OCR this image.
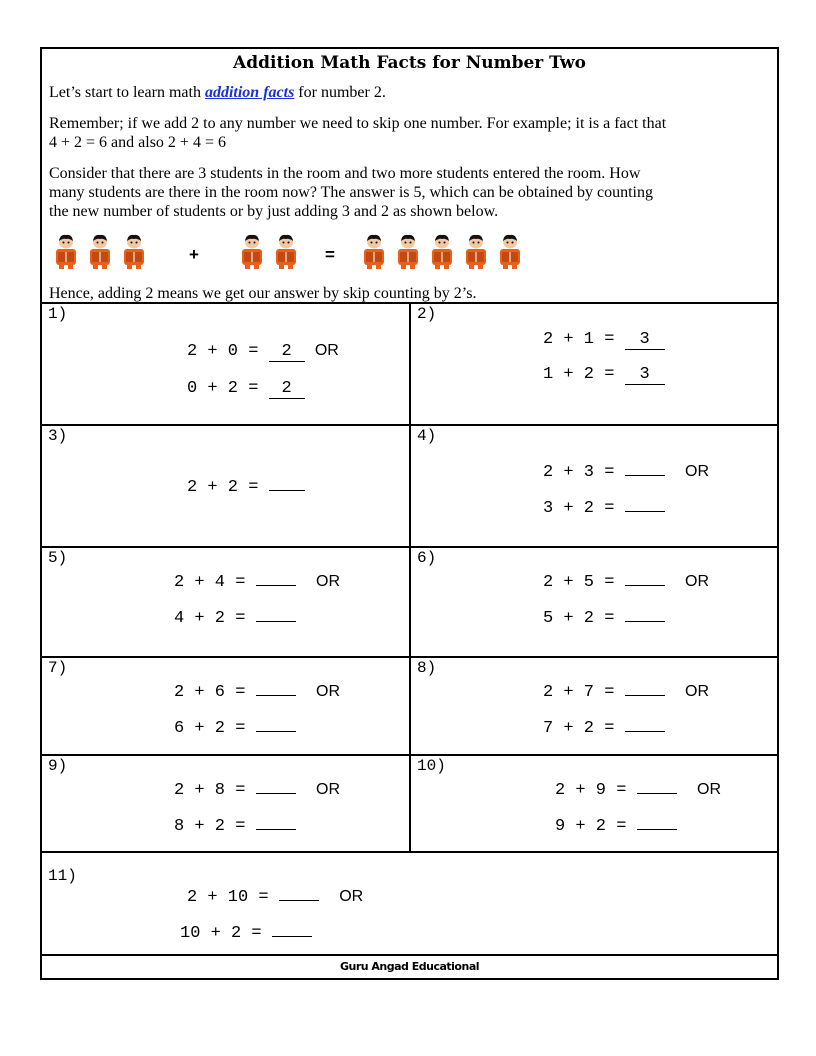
Addition Math Facts for Number Two
Let’s start to learn math addition facts for number 2.
Remember; if we add 2 to any number we need to skip one number. For example; it is a fact that
4 + 2 = 6 and also 2 + 4 = 6
Consider that there are 3 students in the room and two more students entered the room. How
many students are there in the room now? The answer is 5, which can be obtained by counting
the new number of students or by just adding 3 and 2 as shown below.
+	=
Hence, adding 2 means we get our answer by skip counting by 2’s.
1)
2 + 0 = 2 OR
0 + 2 = 2
2)
2 + 1 = 3
1 + 2 = 3
3)
2 + 2 =
4)
2 + 3 =	OR
3 + 2 =
5)
2 + 4 =	OR
4 + 2 =
6)
2 + 5 =	OR
5 + 2 =
7)
2 + 6 =	OR
6 + 2 =
8)
2 + 7 =	OR
7 + 2 =
9)
2 + 8 =	OR
8 + 2 =
10)
2 + 9 =	OR
9 + 2 =
11)
2 + 10 =	OR
10 + 2 =
Guru Angad Educational
